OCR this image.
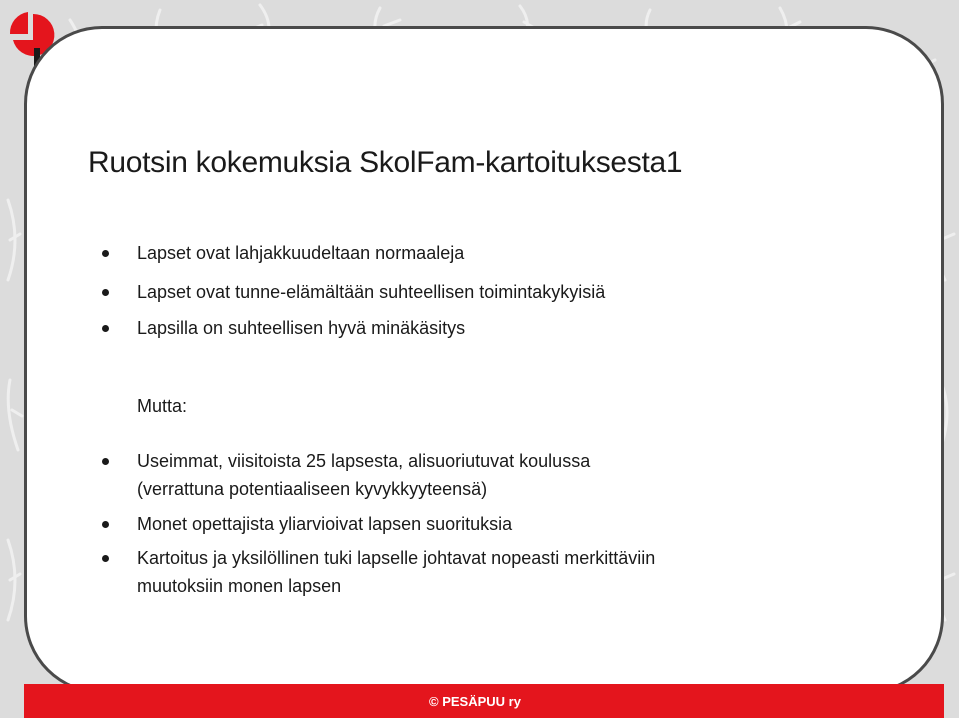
Ruotsin kokemuksia SkolFam-kartoituksesta1
Lapset ovat lahjakkuudeltaan normaaleja
Lapset ovat tunne-elämältään suhteellisen toimintakykyisiä
Lapsilla on suhteellisen hyvä minäkäsitys
Mutta:
Useimmat, viisitoista 25 lapsesta, alisuoriutuvat koulussa
(verrattuna potentiaaliseen kyvykkyyteensä)
Monet opettajista yliarvioivat lapsen suorituksia
Kartoitus ja yksilöllinen tuki lapselle johtavat nopeasti merkittäviin
muutoksiin monen lapsen
© PESÄPUU ry
